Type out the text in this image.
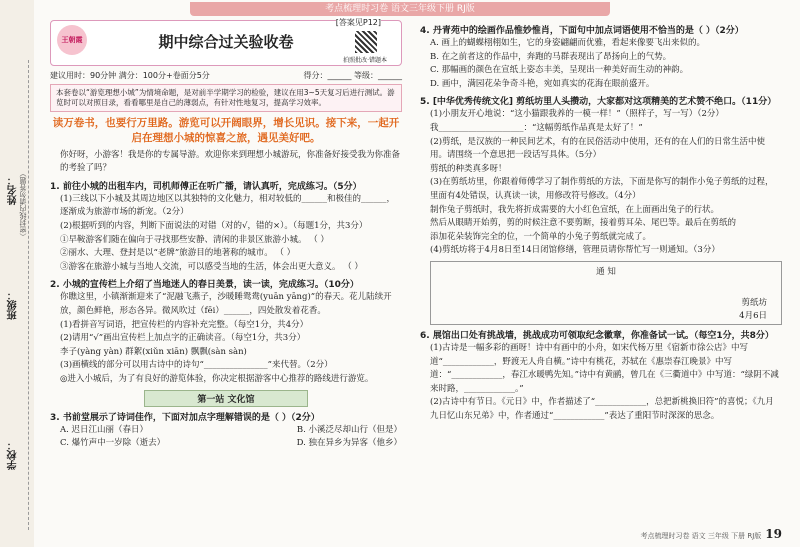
考点梳理时习卷 语文三年级下册 RJ版
姓名：
班级：
学校：
（密封线内请勿答题）
王朝霞	期中综合过关验收卷
[答案见P12]
拍照批改·错题本
建议用时：90分钟 满分：100分+卷面分5分	得分：______ 等级：______
本套卷以“游览理想小城”为情境命题，是对前半学期学习的检验，建议在用3~5天复习后进行测试。游览时可以对照目录，看看哪里是自己的薄弱点，有针对性地复习，提高学习效率。
读万卷书，也要行万里路。游览可以开阔眼界，增长见识。接下来，一起开启在理想小城的惊喜之旅，遇见美好吧。
你好呀，小游客！我是你的专属导游。欢迎你来到理想小城游玩，你准备好接受我为你准备的考验了吗？
1. 前往小城的出租车内，司机师傅正在听广播，请认真听，完成练习。（5分）
(1)三线以下小城及其周边地区以其独特的文化魅力，相对较低的______和极佳的______，逐渐成为旅游市场的新宠。（2分）
(2)根据听到的内容，判断下面说法的对错（对的√，错的×）。（每题1分，共3分）
①早鞍游客们随在偏向于寻找那些安静、清闲的非景区旅游小城。 （ ）
②丽水、大理、登封是以“老牌”旅游目的地著称的城市。 （ ）
③游客在旅游小城与当地人交流，可以感受当地的生活，体会出更大意义。 （ ）
2. 小城的宣传栏上介绍了当地迷人的春日美景，读一读，完成练习。（10分）
你瞧这里，小镇渐渐迎来了“泥融飞燕子，沙暖睡鸳鸯(yuān yāng)”的春天。花儿陆续开放，颜色鲜艳，形态各异。微风吹过（fēi）______，四处散发着花香。
(1)看拼音写词语，把宣传栏的内容补充完整。（每空1分，共4分）
(2)请用“√”画出宣传栏上加点字的正确读音。（每空1分，共3分）
李子(yàng yàn) 群絮(xiǔn xiān) 飘飘(sàn sàn)
(3)画横线的部分可以用古诗中的诗句“_______________”来代替。（2分）
◎进入小城后，为了有良好的游览体验，你决定根据游客中心推荐的路线进行游览。
第一站 文化馆
3. 书前堂展示了诗词佳作，下面对加点字理解错误的是（ ）（2分）
A. 迟日江山丽（春日）	B. 小溪泛尽却山行（但是）
C. 爆竹声中一岁除（逝去）	D. 独在异乡为异客（他乡）
4. 丹青苑中的绘画作品惟妙惟肖，下面句中加点词语使用不恰当的是（ ）（2分）
A. 画上的蝴蝶栩栩如生，它的身姿翩翩而优雅，看起来像要飞出来似的。
B. 在之前者这的作品中，奔跑的马群表现出了昂扬向上的气势。
C. 那幅画的颜色在宣纸上姿态丰美，呈现出一种美好而生动的神韵。
D. 画中，满园花朵争奇斗艳，宛如真实的花海在眼前盛开。
5. [中华优秀传统文化] 剪纸坊里人头攒动，大家都对这项精美的艺术赞不绝口。（11分）
(1)小朋友开心地说：“这小猫跟我养的一模一样！”（照样子，写一写）（2分）
我____________________：“这幅剪纸作品真是太好了！”
(2)剪纸，是汉族的一种民间艺术，有的在民俗活动中使用，还有的在人们的日常生活中使用。请围绕一个意思把一段话写具体。（5分）
剪纸的种类真多呀！
(3)在剪纸坊里，你跟着师傅学习了制作剪纸的方法，下面是你写的制作小兔子剪纸的过程，里面有4处错误，认真读一读，用修改符号修改。（4分）
制作兔子剪纸时，我先将折成需要的大小红色宣纸，在上面画出兔子的行状。
然后从眼睛开始剪，剪的时候注意不要剪断，接着剪耳朵、尾巴等。最后在剪纸的
添加花朵装饰完全的位，一个简单的小兔子剪纸就完成了。
(4)剪纸坊将于4月8日至14日闭馆修缮，管理员请你帮忙写一则通知。（3分）
通 知
剪纸坊
4月6日
6. 展馆出口处有挑战墙，挑战成功可领取纪念徽章，你准备试一试。（每空1分，共8分）
(1)古诗是一幅多彩的画呀！诗中有画中的小舟，如宋代杨万里《宿新市徐公店》中写道“____________，野渡无人舟自横。”诗中有桃花，苏轼在《惠崇春江晚景》中写道：“____________，春江水暖鸭先知。”诗中有黄鹂，曾几在《三衢道中》中写道：“绿阴不减来时路，____________。”
(2)古诗中有节日。《元日》中，作者描述了“____________，总把新桃换旧符”的喜悦；《九月九日忆山东兄弟》中，作者通过“____________”表达了重阳节时深深的思念。
考点梳理时习卷 语文 三年级 下册 RJ版 19
